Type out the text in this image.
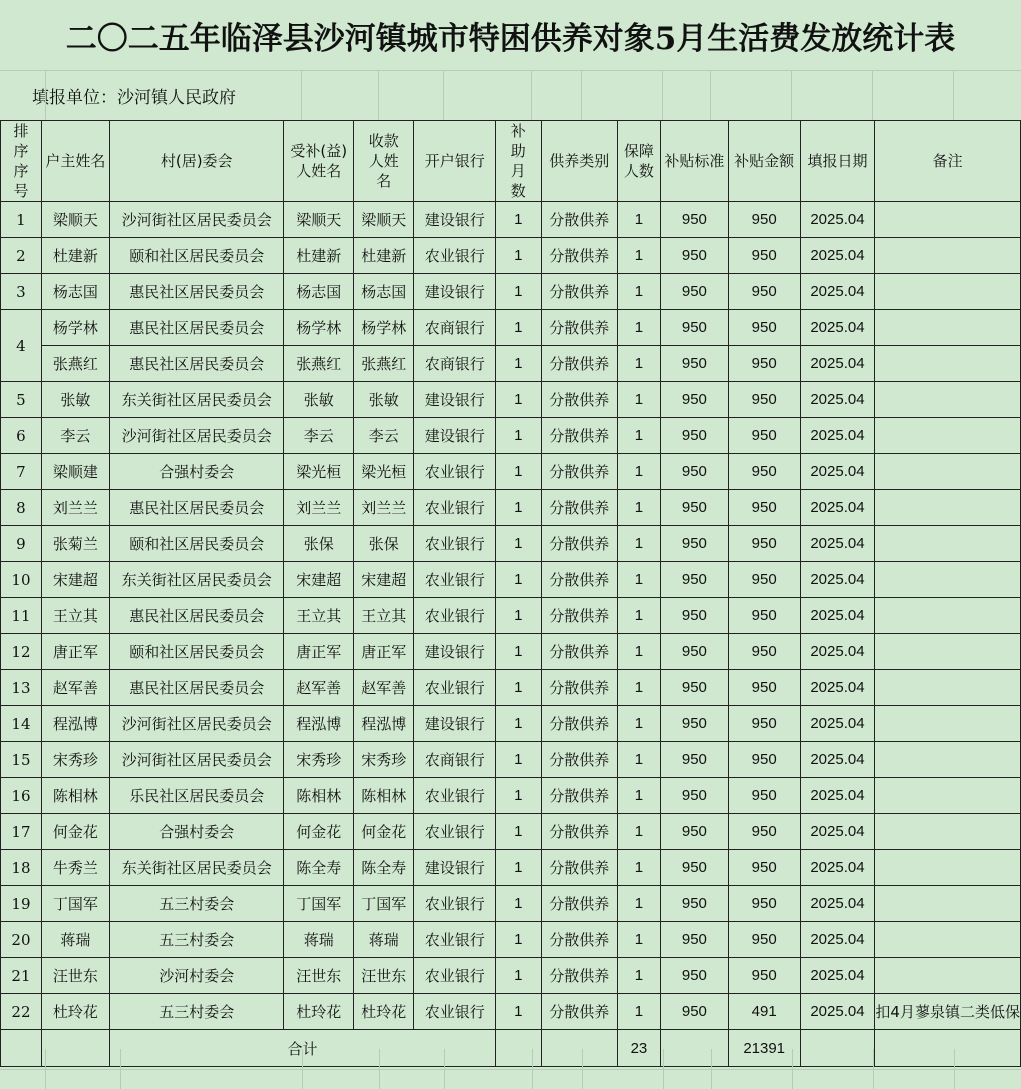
二〇二五年临泽县沙河镇城市特困供养对象5月生活费发放统计表
填报单位：沙河镇人民政府
排序序号	户主姓名	村(居)委会	受补(益)人姓名	收款人姓名	开户银行	补助月数	供养类别	保障人数	补贴标准	补贴金额	填报日期	备注
1	梁顺天	沙河街社区居民委员会	梁顺天	梁顺天	建设银行	1	分散供养	1	950	950	2025.04	
2	杜建新	颐和社区居民委员会	杜建新	杜建新	农业银行	1	分散供养	1	950	950	2025.04	
3	杨志国	惠民社区居民委员会	杨志国	杨志国	建设银行	1	分散供养	1	950	950	2025.04	
4	杨学林	惠民社区居民委员会	杨学林	杨学林	农商银行	1	分散供养	1	950	950	2025.04	
	张燕红	惠民社区居民委员会	张燕红	张燕红	农商银行	1	分散供养	1	950	950	2025.04	
5	张敏	东关街社区居民委员会	张敏	张敏	建设银行	1	分散供养	1	950	950	2025.04	
6	李云	沙河街社区居民委员会	李云	李云	建设银行	1	分散供养	1	950	950	2025.04	
7	梁顺建	合强村委会	梁光桓	梁光桓	农业银行	1	分散供养	1	950	950	2025.04	
8	刘兰兰	惠民社区居民委员会	刘兰兰	刘兰兰	农业银行	1	分散供养	1	950	950	2025.04	
9	张菊兰	颐和社区居民委员会	张保	张保	农业银行	1	分散供养	1	950	950	2025.04	
10	宋建超	东关街社区居民委员会	宋建超	宋建超	农业银行	1	分散供养	1	950	950	2025.04	
11	王立其	惠民社区居民委员会	王立其	王立其	农业银行	1	分散供养	1	950	950	2025.04	
12	唐正军	颐和社区居民委员会	唐正军	唐正军	建设银行	1	分散供养	1	950	950	2025.04	
13	赵军善	惠民社区居民委员会	赵军善	赵军善	农业银行	1	分散供养	1	950	950	2025.04	
14	程泓博	沙河街社区居民委员会	程泓博	程泓博	建设银行	1	分散供养	1	950	950	2025.04	
15	宋秀珍	沙河街社区居民委员会	宋秀珍	宋秀珍	农商银行	1	分散供养	1	950	950	2025.04	
16	陈相林	乐民社区居民委员会	陈相林	陈相林	农业银行	1	分散供养	1	950	950	2025.04	
17	何金花	合强村委会	何金花	何金花	农业银行	1	分散供养	1	950	950	2025.04	
18	牛秀兰	东关街社区居民委员会	陈全寿	陈全寿	建设银行	1	分散供养	1	950	950	2025.04	
19	丁国军	五三村委会	丁国军	丁国军	农业银行	1	分散供养	1	950	950	2025.04	
20	蒋瑞	五三村委会	蒋瑞	蒋瑞	农业银行	1	分散供养	1	950	950	2025.04	
21	汪世东	沙河村委会	汪世东	汪世东	农业银行	1	分散供养	1	950	950	2025.04	
22	杜玲花	五三村委会	杜玲花	杜玲花	农业银行	1	分散供养	1	950	491	2025.04	扣4月蓼泉镇二类低保
		合计						23		21391		
